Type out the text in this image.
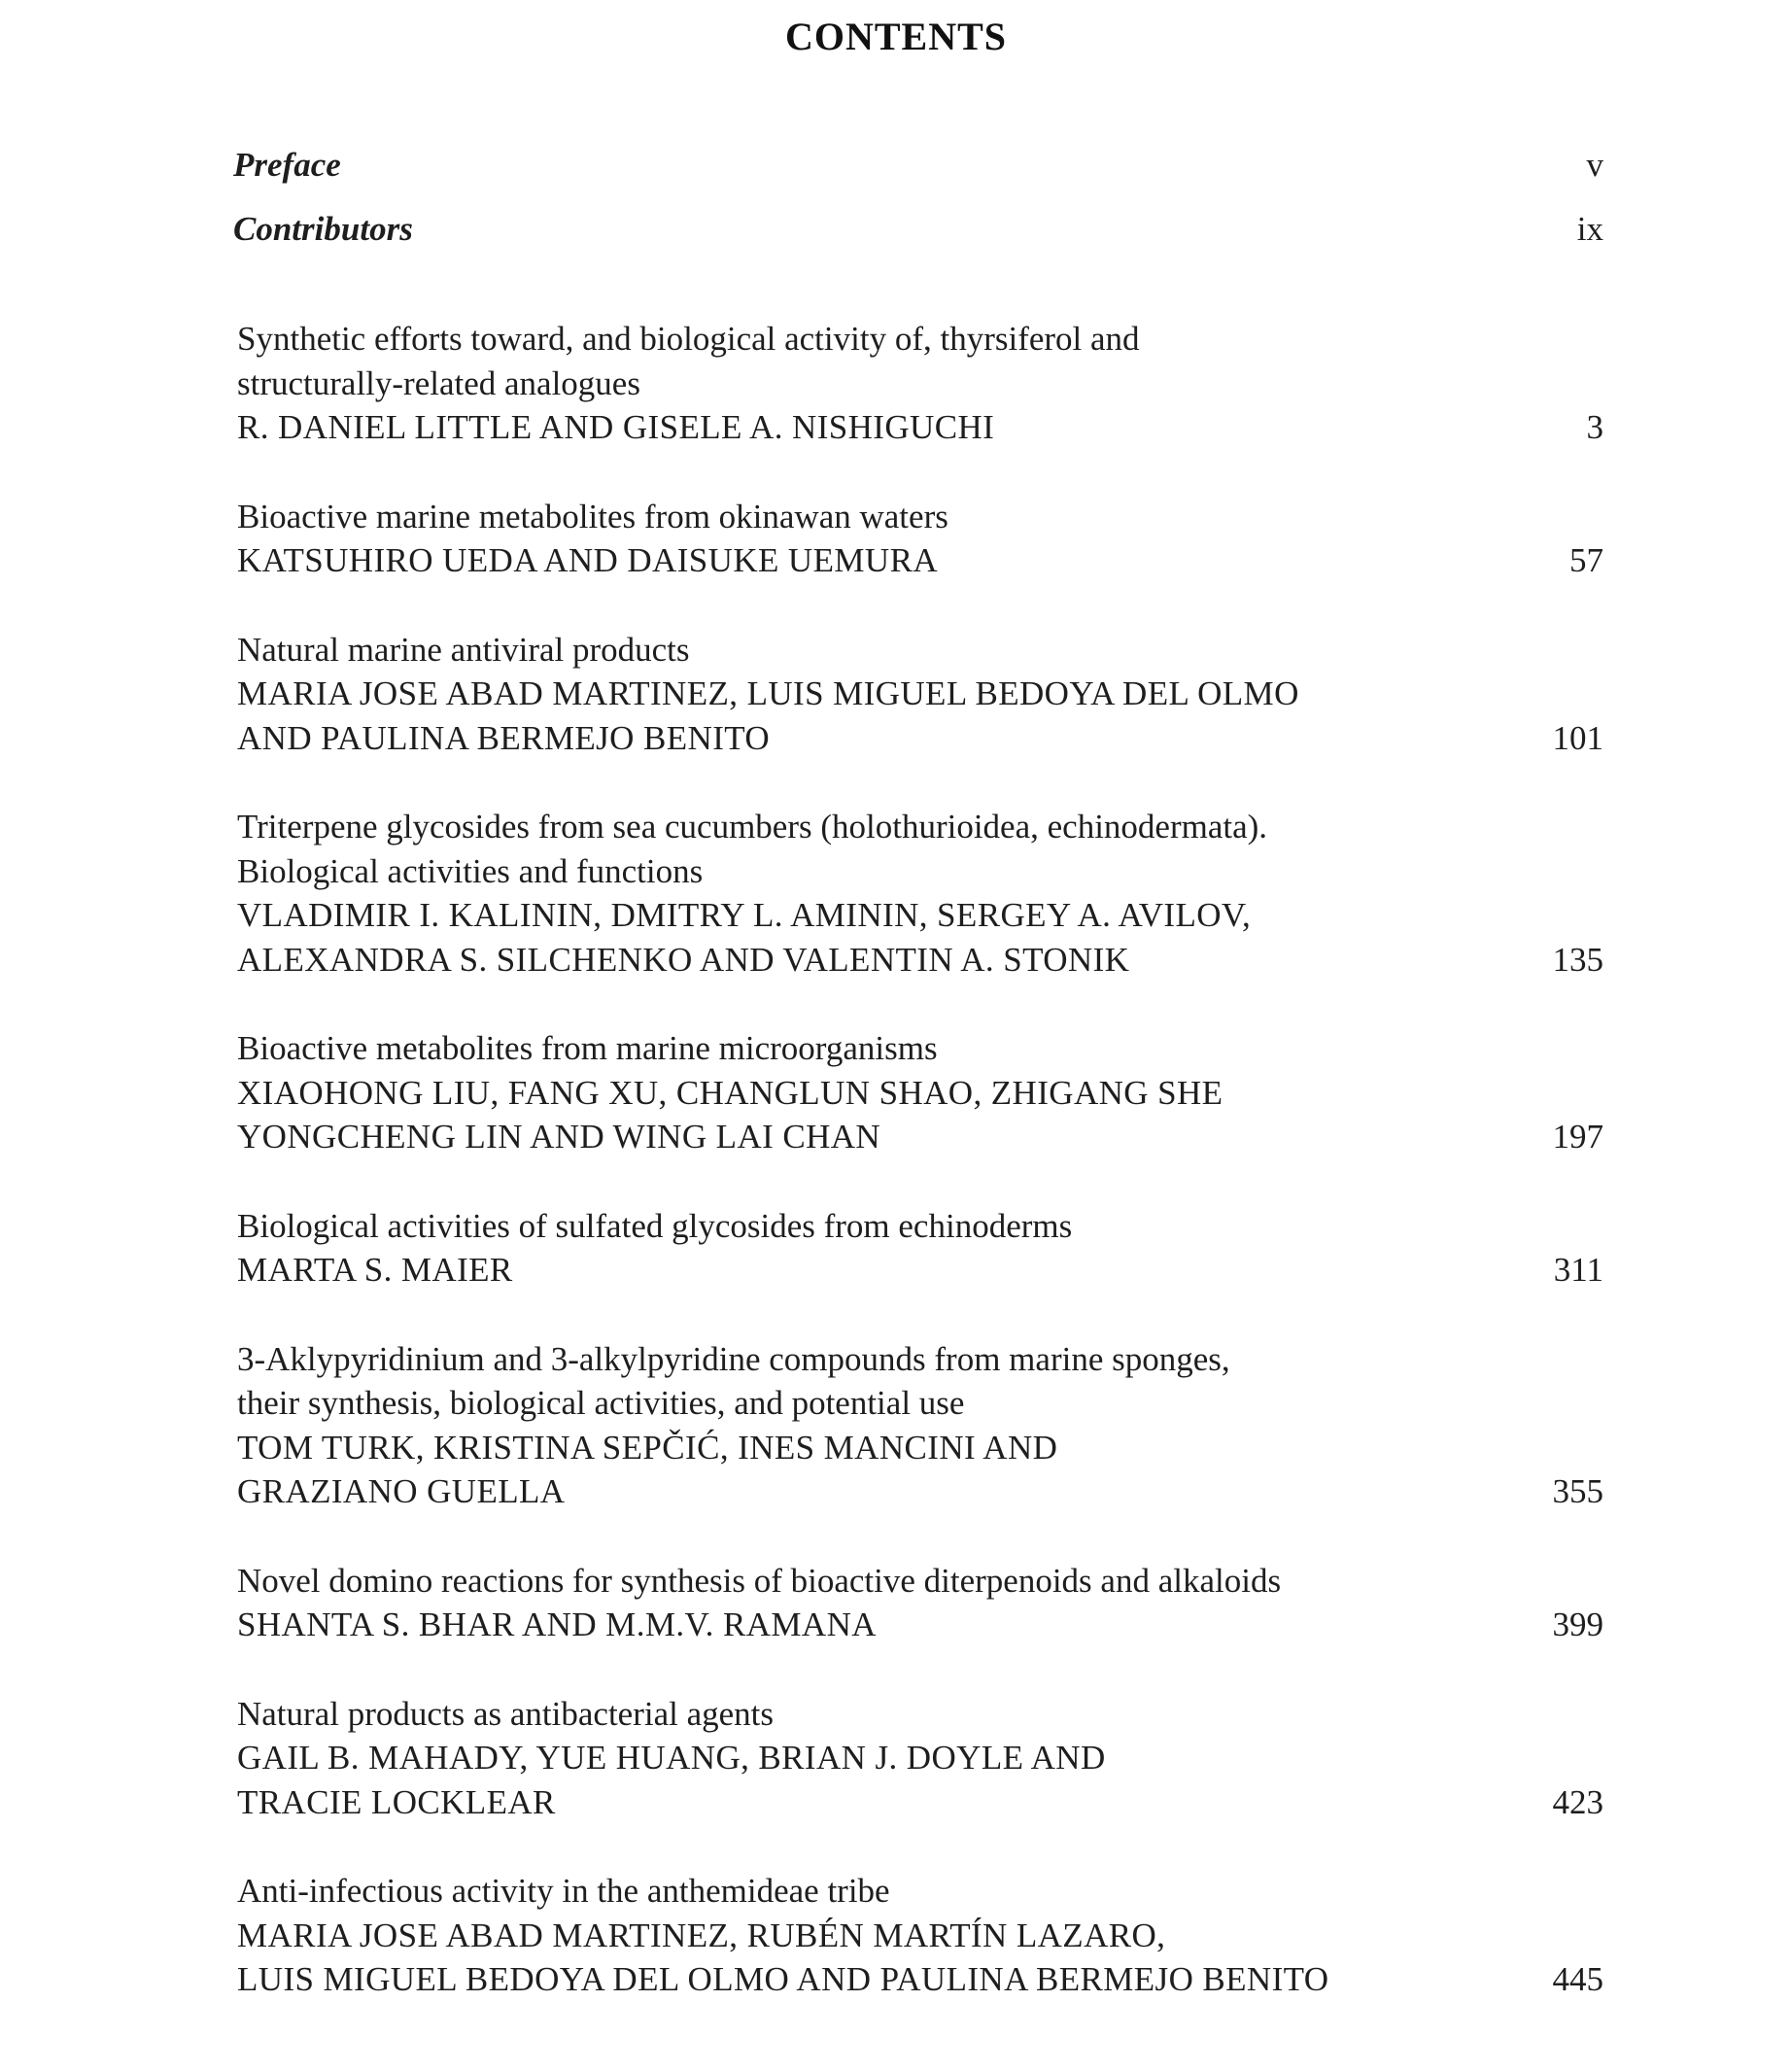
CONTENTS
Preface	v
Contributors	ix
Synthetic efforts toward, and biological activity of, thyrsiferol and
structurally-related analogues
R. DANIEL LITTLE AND GISELE A. NISHIGUCHI	3
Bioactive marine metabolites from okinawan waters
KATSUHIRO UEDA AND DAISUKE UEMURA	57
Natural marine antiviral products
MARIA JOSE ABAD MARTINEZ, LUIS MIGUEL BEDOYA DEL OLMO
AND PAULINA BERMEJO BENITO	101
Triterpene glycosides from sea cucumbers (holothurioidea, echinodermata).
Biological activities and functions
VLADIMIR I. KALININ, DMITRY L. AMININ, SERGEY A. AVILOV,
ALEXANDRA S. SILCHENKO AND VALENTIN A. STONIK	135
Bioactive metabolites from marine microorganisms
XIAOHONG LIU, FANG XU, CHANGLUN SHAO, ZHIGANG SHE
YONGCHENG LIN AND WING LAI CHAN	197
Biological activities of sulfated glycosides from echinoderms
MARTA S. MAIER	311
3-Aklypyridinium and 3-alkylpyridine compounds from marine sponges,
their synthesis, biological activities, and potential use
TOM TURK, KRISTINA SEPČIĆ, INES MANCINI AND
GRAZIANO GUELLA	355
Novel domino reactions for synthesis of bioactive diterpenoids and alkaloids
SHANTA S. BHAR AND M.M.V. RAMANA	399
Natural products as antibacterial agents
GAIL B. MAHADY, YUE HUANG, BRIAN J. DOYLE AND
TRACIE LOCKLEAR	423
Anti-infectious activity in the anthemideae tribe
MARIA JOSE ABAD MARTINEZ, RUBÉN MARTÍN LAZARO,
LUIS MIGUEL BEDOYA DEL OLMO AND PAULINA BERMEJO BENITO	445
